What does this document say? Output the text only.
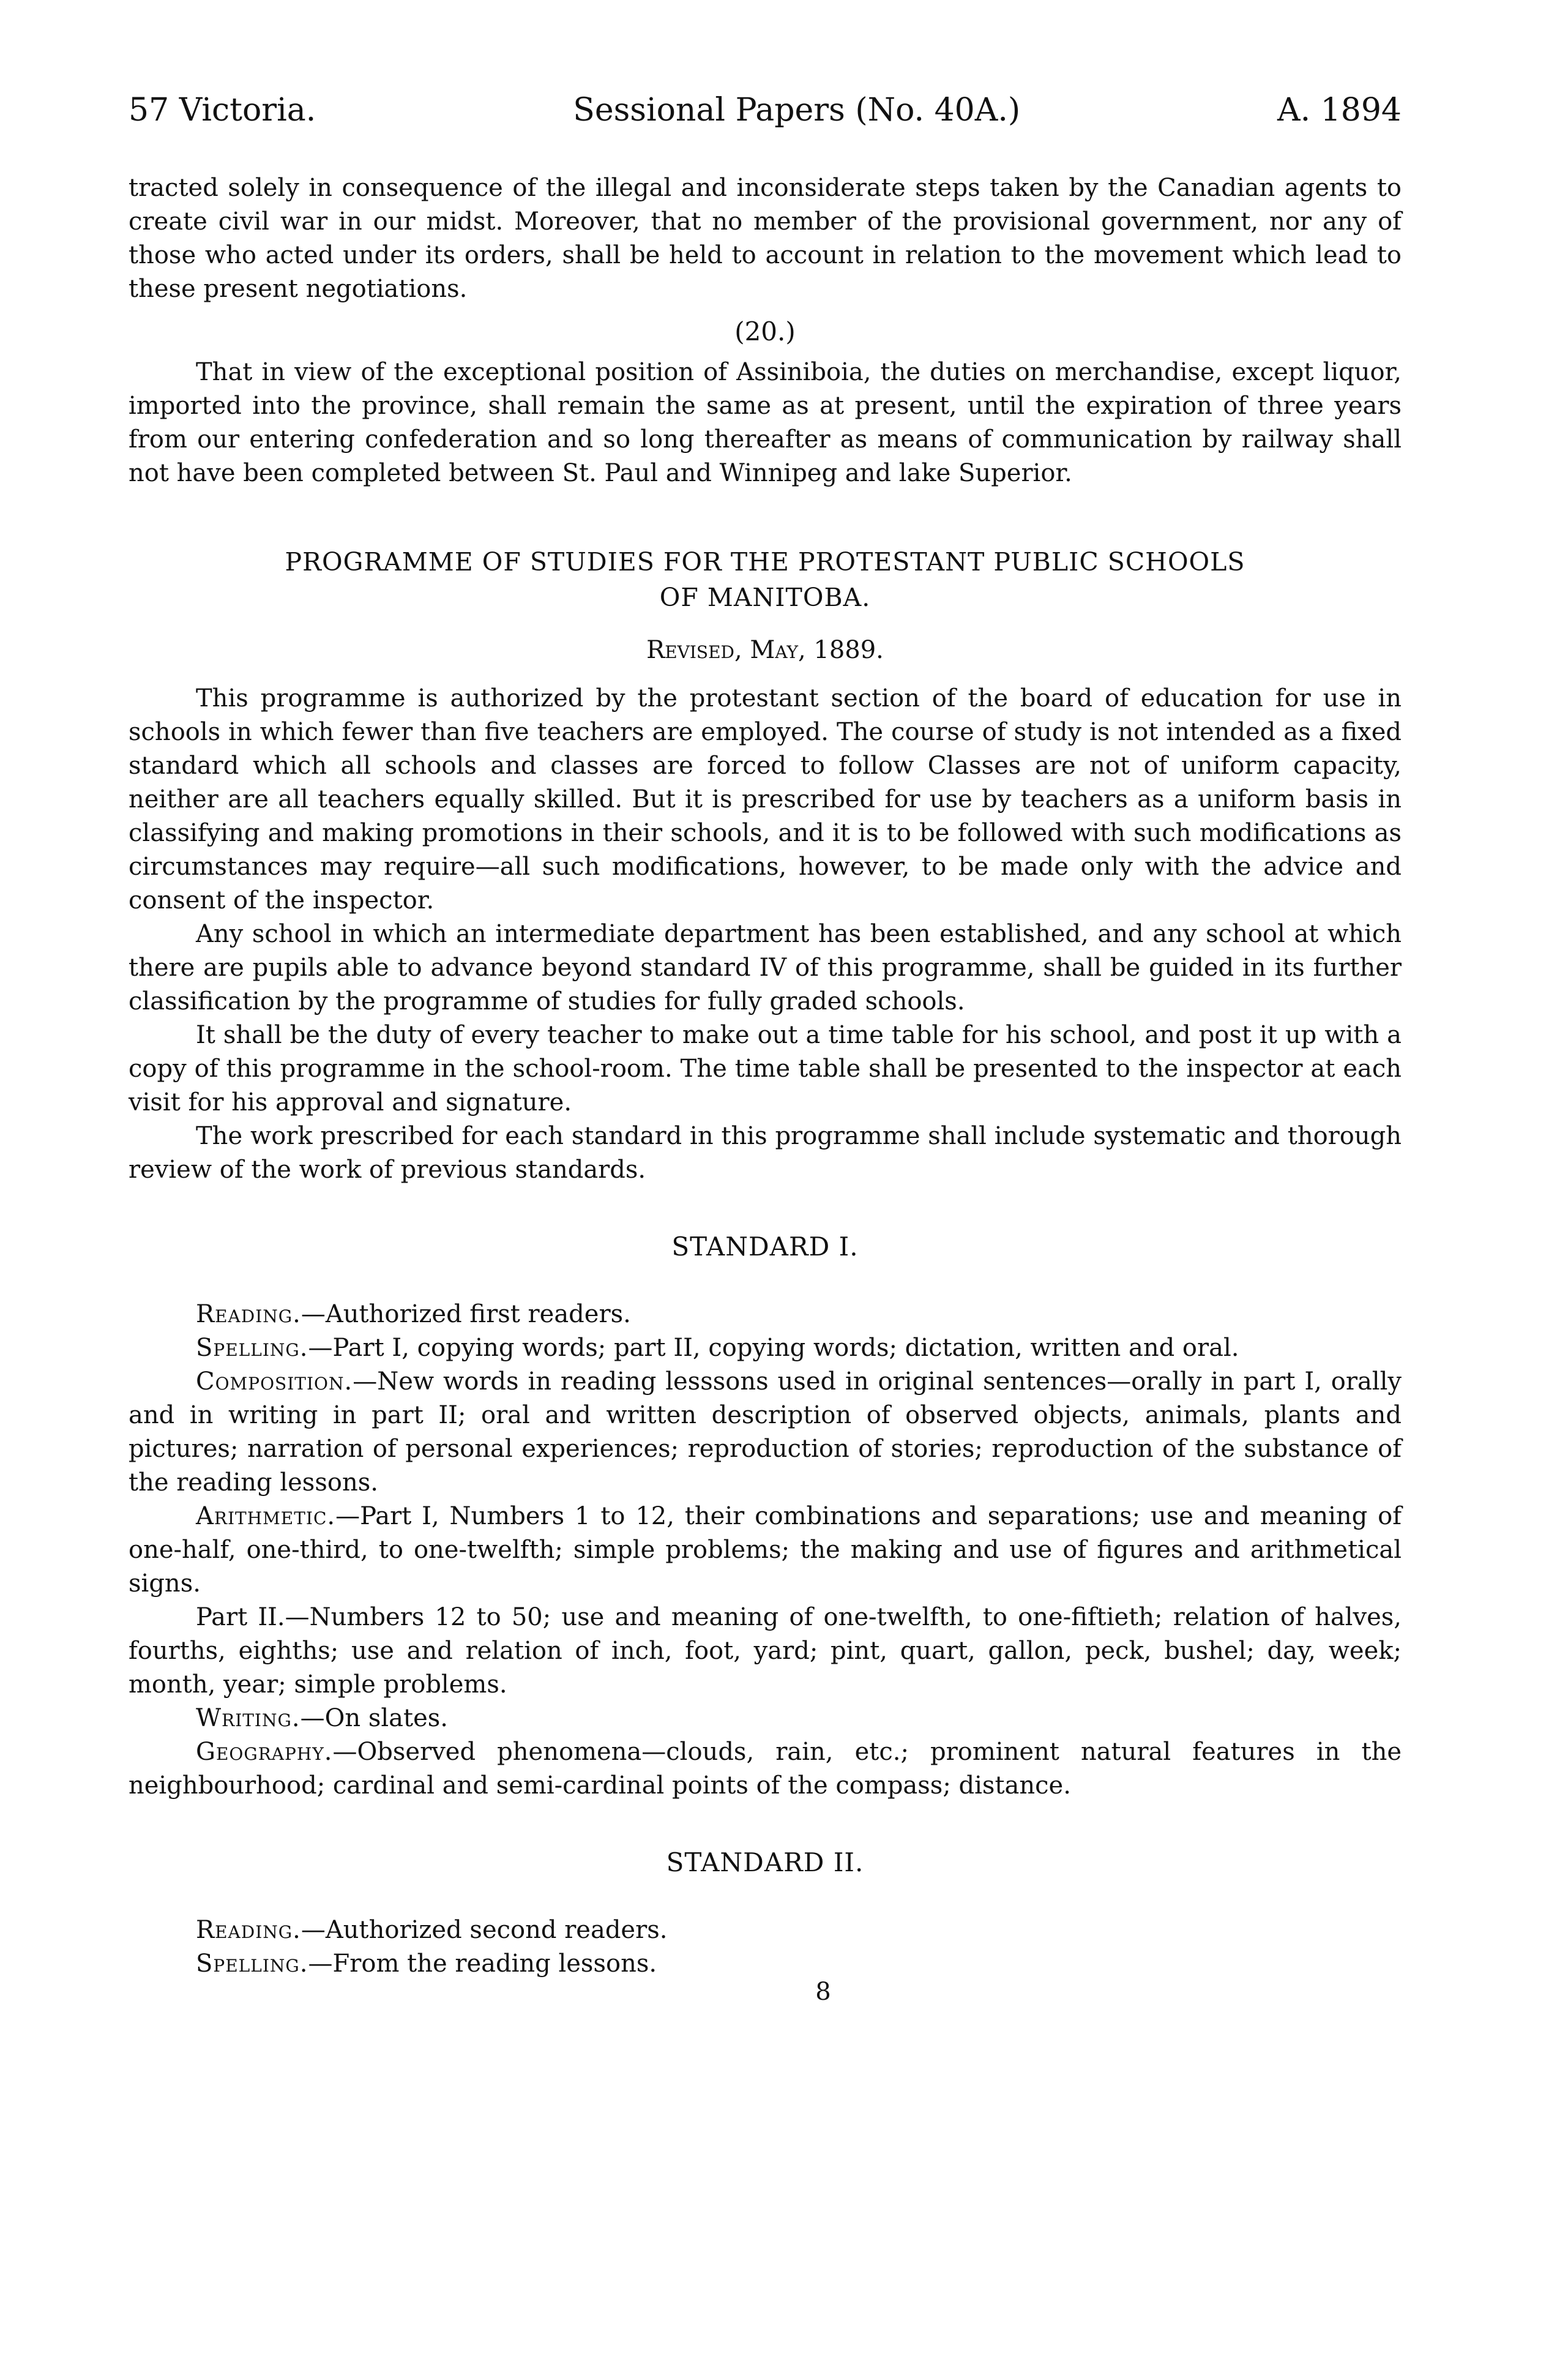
57 Victoria.	Sessional Papers (No. 40A.)	A. 1894

tracted solely in consequence of the illegal and inconsiderate steps taken by the Canadian agents to create civil war in our midst. Moreover, that no member of the provisional government, nor any of those who acted under its orders, shall be held to account in relation to the movement which lead to these present negotiations.

(20.)

That in view of the exceptional position of Assiniboia, the duties on merchandise, except liquor, imported into the province, shall remain the same as at present, until the expiration of three years from our entering confederation and so long thereafter as means of communication by railway shall not have been completed between St. Paul and Winnipeg and lake Superior.

PROGRAMME OF STUDIES FOR THE PROTESTANT PUBLIC SCHOOLS
OF MANITOBA.

Revised, May, 1889.

This programme is authorized by the protestant section of the board of education for use in schools in which fewer than five teachers are employed. The course of study is not intended as a fixed standard which all schools and classes are forced to follow Classes are not of uniform capacity, neither are all teachers equally skilled. But it is prescribed for use by teachers as a uniform basis in classifying and making promotions in their schools, and it is to be followed with such modifications as circumstances may require—all such modifications, however, to be made only with the advice and consent of the inspector.

Any school in which an intermediate department has been established, and any school at which there are pupils able to advance beyond standard IV of this programme, shall be guided in its further classification by the programme of studies for fully graded schools.

It shall be the duty of every teacher to make out a time table for his school, and post it up with a copy of this programme in the school-room. The time table shall be presented to the inspector at each visit for his approval and signature.

The work prescribed for each standard in this programme shall include systematic and thorough review of the work of previous standards.

STANDARD I.

Reading.—Authorized first readers.

Spelling.—Part I, copying words; part II, copying words; dictation, written and oral.

Composition.—New words in reading lesssons used in original sentences—orally in part I, orally and in writing in part II; oral and written description of observed objects, animals, plants and pictures; narration of personal experiences; reproduction of stories; reproduction of the substance of the reading lessons.

Arithmetic.—Part I, Numbers 1 to 12, their combinations and separations; use and meaning of one-half, one-third, to one-twelfth; simple problems; the making and use of figures and arithmetical signs.

Part II.—Numbers 12 to 50; use and meaning of one-twelfth, to one-fiftieth; relation of halves, fourths, eighths; use and relation of inch, foot, yard; pint, quart, gallon, peck, bushel; day, week; month, year; simple problems.

Writing.—On slates.

Geography.—Observed phenomena—clouds, rain, etc.; prominent natural features in the neighbourhood; cardinal and semi-cardinal points of the compass; distance.

STANDARD II.

Reading.—Authorized second readers.

Spelling.—From the reading lessons.

8
